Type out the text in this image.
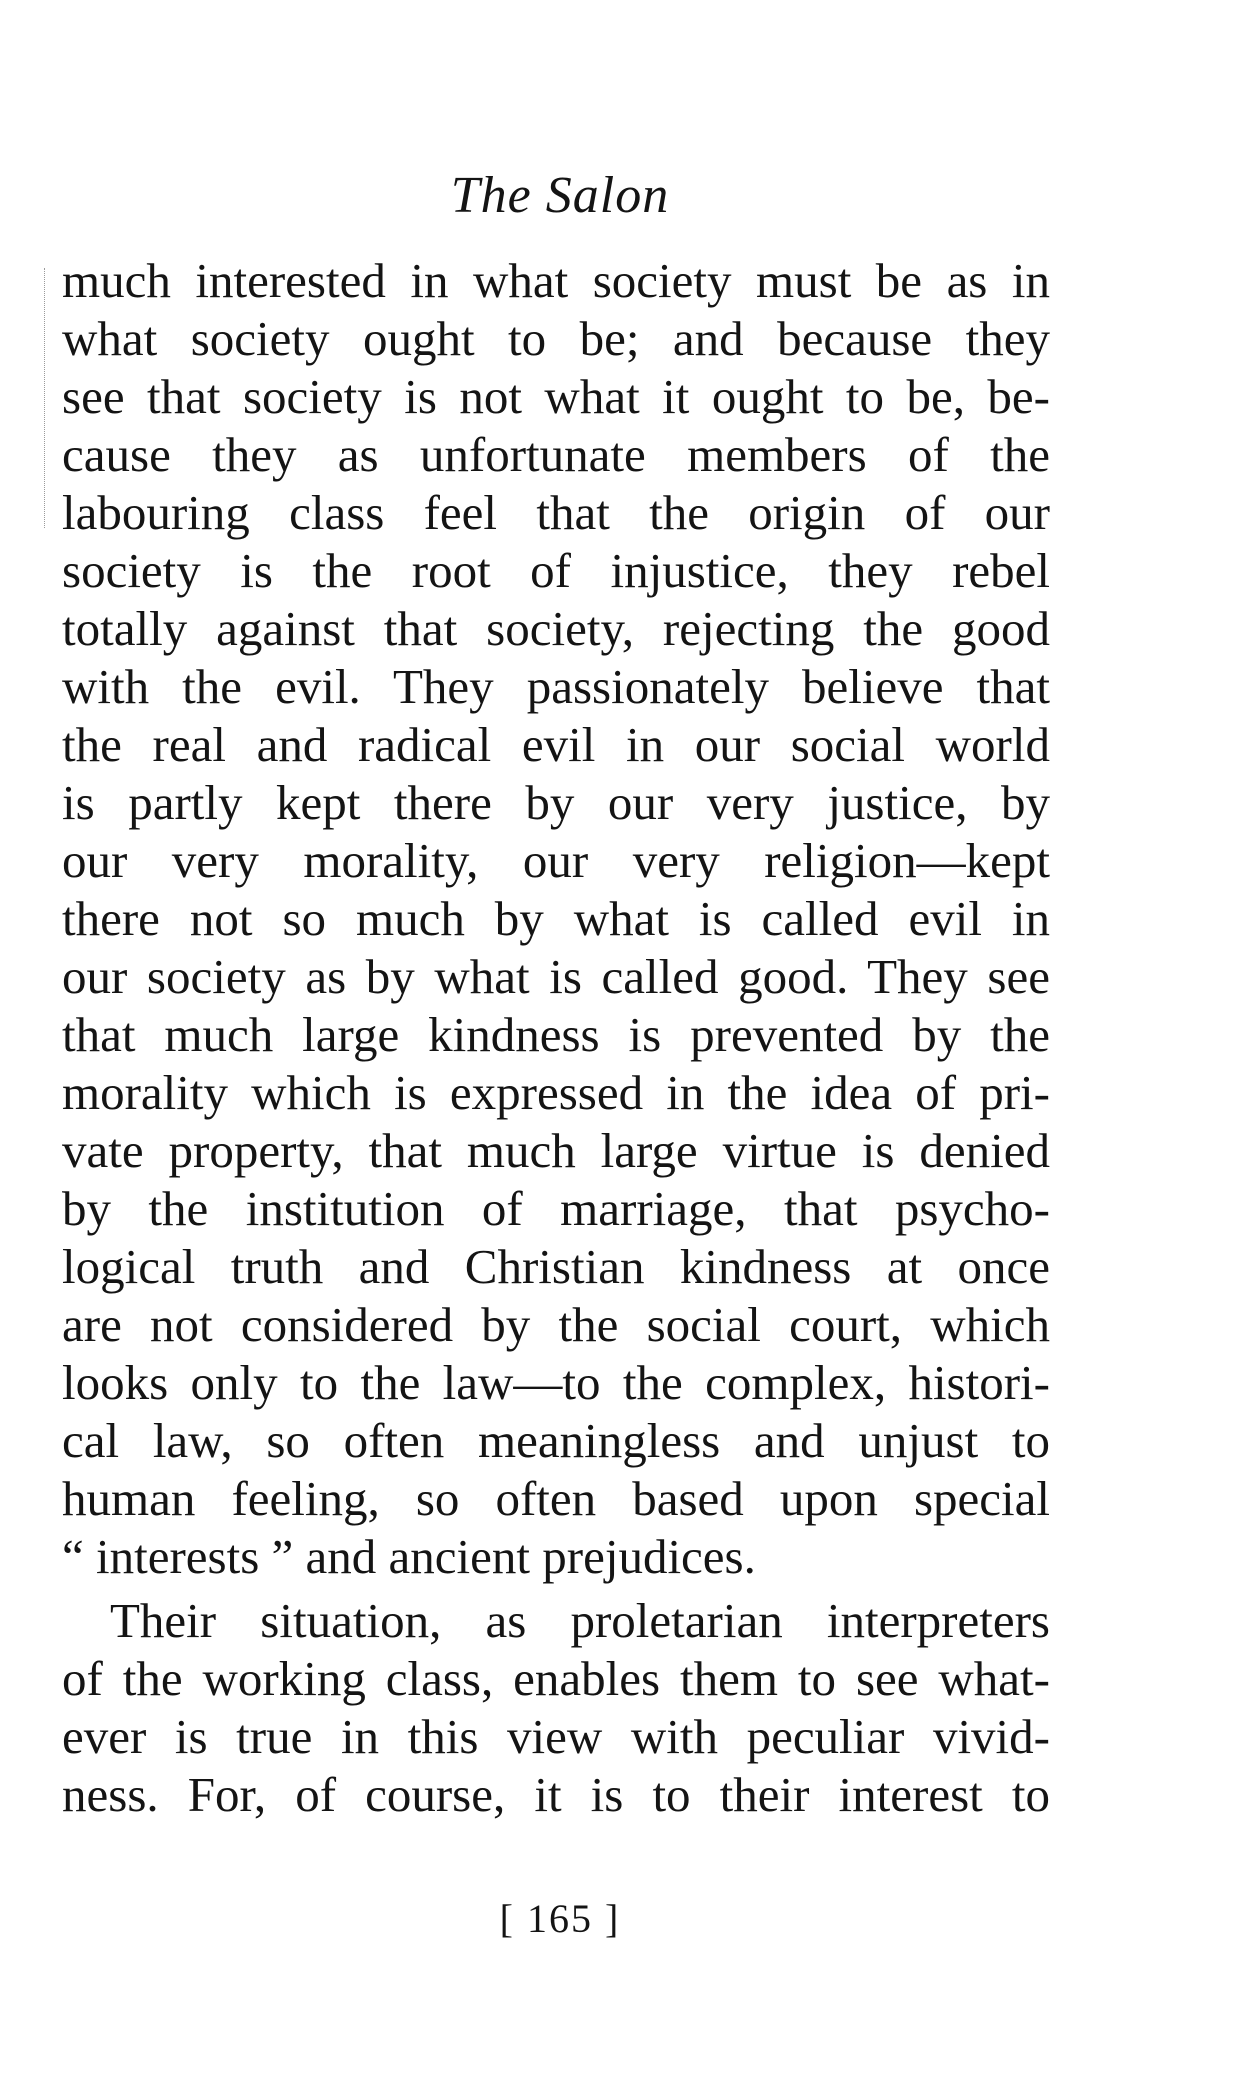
The Salon
much interested in what society must be as in
what society ought to be; and because they
see that society is not what it ought to be, be-
cause they as unfortunate members of the
labouring class feel that the origin of our
society is the root of injustice, they rebel
totally against that society, rejecting the good
with the evil. They passionately believe that
the real and radical evil in our social world
is partly kept there by our very justice, by
our very morality, our very religion—kept
there not so much by what is called evil in
our society as by what is called good. They see
that much large kindness is prevented by the
morality which is expressed in the idea of pri-
vate property, that much large virtue is denied
by the institution of marriage, that psycho-
logical truth and Christian kindness at once
are not considered by the social court, which
looks only to the law—to the complex, histori-
cal law, so often meaningless and unjust to
human feeling, so often based upon special
“ interests ” and ancient prejudices.
Their situation, as proletarian interpreters
of the working class, enables them to see what-
ever is true in this view with peculiar vivid-
ness. For, of course, it is to their interest to
[ 165 ]
